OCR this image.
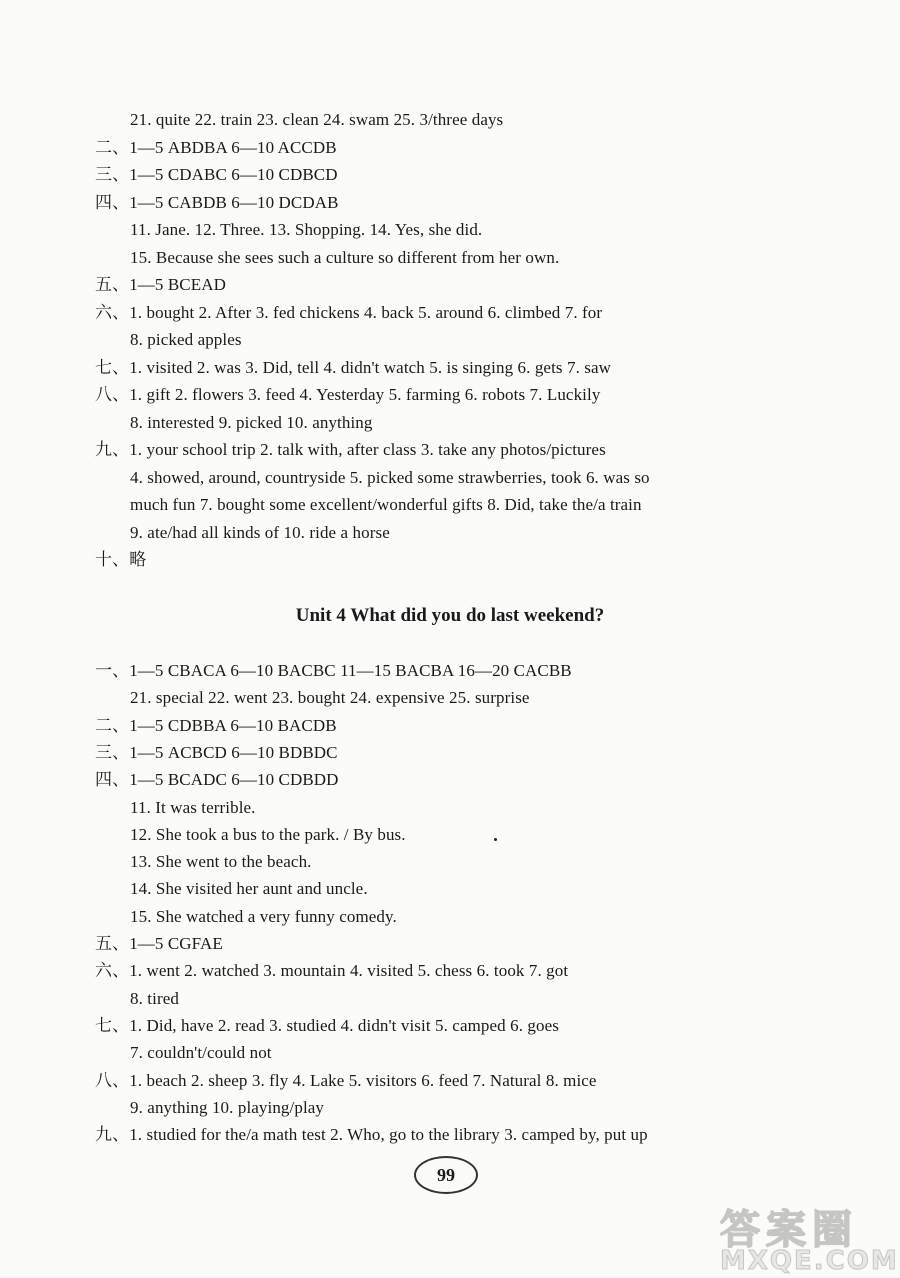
21. quite 22. train 23. clean 24. swam 25. 3/three days
二、1—5 ABDBA 6—10 ACCDB
三、1—5 CDABC 6—10 CDBCD
四、1—5 CABDB 6—10 DCDAB
11. Jane. 12. Three. 13. Shopping. 14. Yes, she did.
15. Because she sees such a culture so different from her own.
五、1—5 BCEAD
六、1. bought 2. After 3. fed chickens 4. back 5. around 6. climbed 7. for
8. picked apples
七、1. visited 2. was 3. Did, tell 4. didn't watch 5. is singing 6. gets 7. saw
八、1. gift 2. flowers 3. feed 4. Yesterday 5. farming 6. robots 7. Luckily
8. interested 9. picked 10. anything
九、1. your school trip 2. talk with, after class 3. take any photos/pictures
4. showed, around, countryside 5. picked some strawberries, took 6. was so
much fun 7. bought some excellent/wonderful gifts 8. Did, take the/a train
9. ate/had all kinds of 10. ride a horse
十、略
Unit 4 What did you do last weekend?
一、1—5 CBACA 6—10 BACBC 11—15 BACBA 16—20 CACBB
21. special 22. went 23. bought 24. expensive 25. surprise
二、1—5 CDBBA 6—10 BACDB
三、1—5 ACBCD 6—10 BDBDC
四、1—5 BCADC 6—10 CDBDD
11. It was terrible.
12. She took a bus to the park. / By bus.
13. She went to the beach.
14. She visited her aunt and uncle.
15. She watched a very funny comedy.
五、1—5 CGFAE
六、1. went 2. watched 3. mountain 4. visited 5. chess 6. took 7. got
8. tired
七、1. Did, have 2. read 3. studied 4. didn't visit 5. camped 6. goes
7. couldn't/could not
八、1. beach 2. sheep 3. fly 4. Lake 5. visitors 6. feed 7. Natural 8. mice
9. anything 10. playing/play
九、1. studied for the/a math test 2. Who, go to the library 3. camped by, put up
99
答案圈
MXQE.COM
